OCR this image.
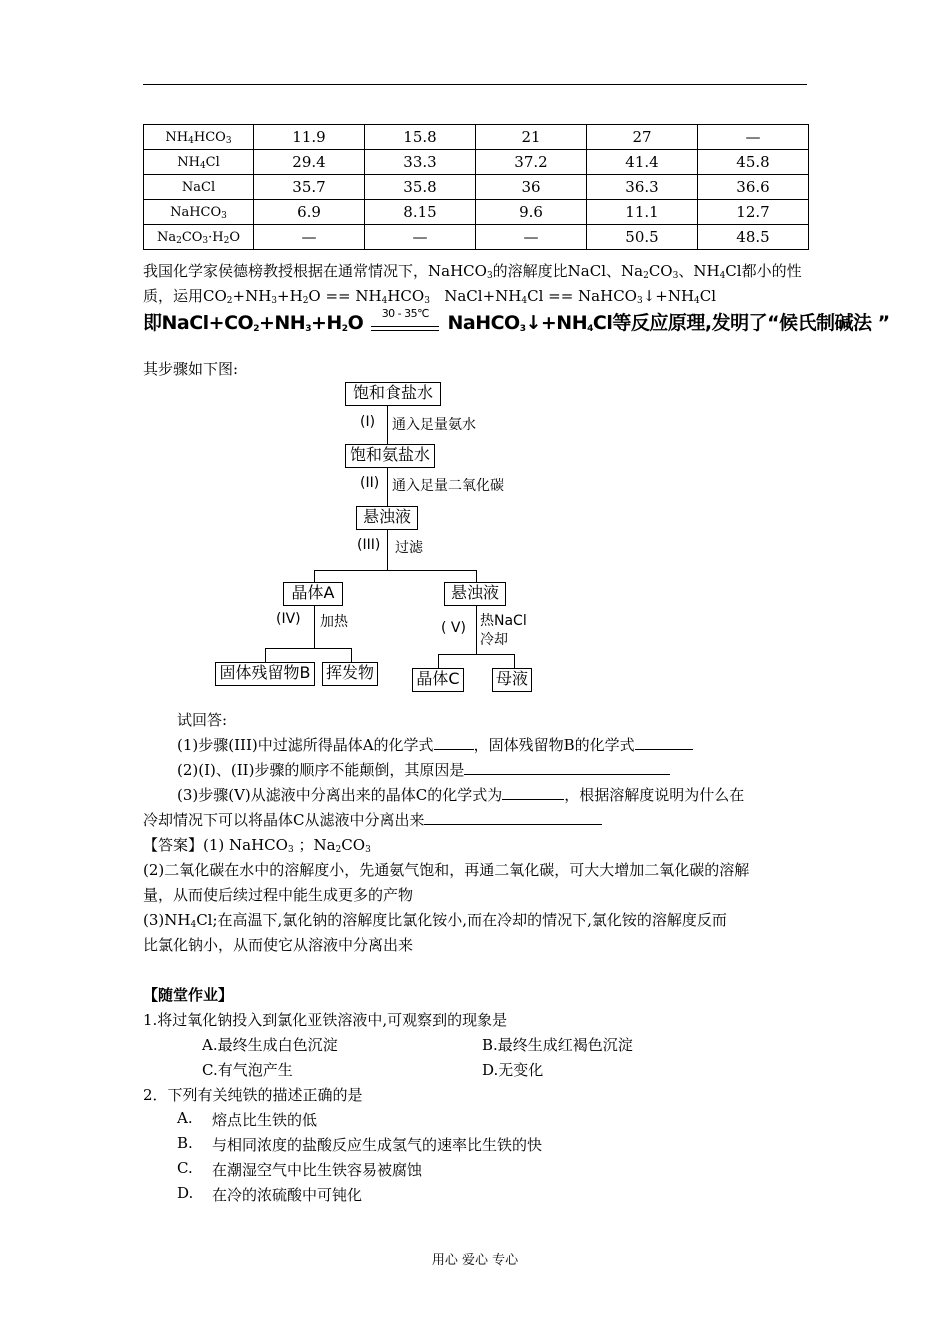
$NH_4HCO_3$	11.9	15.8	21	27	—
$NH_4Cl$	29.4	33.3	37.2	41.4	45.8
NaCl	35.7	35.8	36	36.3	36.6
NaHCO$_3$	6.9	8.15	9.6	11.1	12.7
$Na_2CO_3\cdot H_2O$	—	—	—	50.5	48.5
我国化学家侯德榜教授根据在通常情况下，NaHCO$_3$的溶解度比NaCl、$Na_2CO_3$、$NH_4Cl$都小的性
质，运用$CO_2+NH_3+H_2O == NH_4HCO_3$   $NaCl+NH_4Cl$ == $NaHCO_3↓+NH_4Cl$
即$NaCl+CO_2+NH_3+H_2O$	30 - 35℃ $NaHCO_3↓+NH_4Cl$等反应原理,发明了“候氏制碱法 ”
其步骤如下图:
饱和食盐水
(I) 通入足量氨水
饱和氨盐水
(II) 通入足量二氧化碳
悬浊液
(III) 过滤
晶体A	悬浊液
(IV) 加热	( V) 热NaCl
冷却
固体残留物B 挥发物	晶体C 母液
试回答:
(1)步骤(III)中过滤所得晶体A的化学式	，固体残留物B的化学式
(2)(I)、(II)步骤的顺序不能颠倒，其原因是
(3)步骤(V)从滤液中分离出来的晶体C的化学式为	，根据溶解度说明为什么在
冷却情况下可以将晶体C从滤液中分离出来
【答案】(1) NaHCO$_3$ ；$Na_2CO_3$
(2)二氧化碳在水中的溶解度小，先通氨气饱和，再通二氧化碳，可大大增加二氧化碳的溶解
量，从而使后续过程中能生成更多的产物
$(3)NH_4Cl$;在高温下,氯化钠的溶解度比氯化铵小,而在冷却的情况下,氯化铵的溶解度反而
比氯化钠小，从而使它从溶液中分离出来
【随堂作业】
1.将过氧化钠投入到氯化亚铁溶液中,可观察到的现象是
A.最终生成白色沉淀	B.最终生成红褐色沉淀
C.有气泡产生	D.无变化
2．下列有关纯铁的描述正确的是
A. 熔点比生铁的低
B. 与相同浓度的盐酸反应生成氢气的速率比生铁的快
C. 在潮湿空气中比生铁容易被腐蚀
D. 在冷的浓硫酸中可钝化
用心 爱心 专心
